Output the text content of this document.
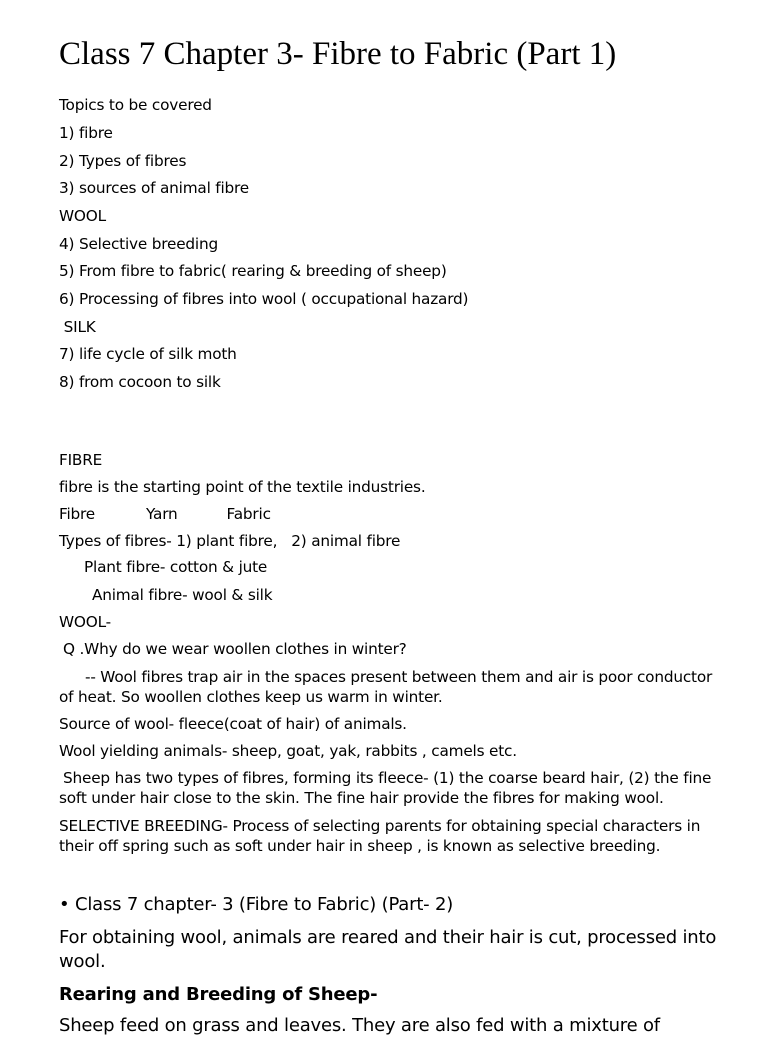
Class 7 Chapter 3- Fibre to Fabric (Part 1)
Topics to be covered
1) fibre
2) Types of fibres
3) sources of animal fibre
WOOL
4) Selective breeding
5) From fibre to fabric( rearing & breeding of sheep)
6) Processing of fibres into wool ( occupational hazard)
SILK
7) life cycle of silk moth
8) from cocoon to silk
FIBRE
fibre is the starting point of the textile industries.
Fibre	Yarn	Fabric
Types of fibres- 1) plant fibre,   2) animal fibre
Plant fibre- cotton & jute
Animal fibre- wool & silk
WOOL-
Q .Why do we wear woollen clothes in winter?
-- Wool fibres trap air in the spaces present between them and air is poor conductor of heat. So woollen clothes keep us warm in winter.
Source of wool- fleece(coat of hair) of animals.
Wool yielding animals- sheep, goat, yak, rabbits , camels etc.
Sheep has two types of fibres, forming its fleece- (1) the coarse beard hair, (2) the fine soft under hair close to the skin. The fine hair provide the fibres for making wool.
SELECTIVE BREEDING- Process of selecting parents for obtaining special characters in their off spring such as soft under hair in sheep , is known as selective breeding.
• Class 7 chapter- 3 (Fibre to Fabric) (Part- 2)
For obtaining wool, animals are reared and their hair is cut, processed into wool.
Rearing and Breeding of Sheep-
Sheep feed on grass and leaves. They are also fed with a mixture of
